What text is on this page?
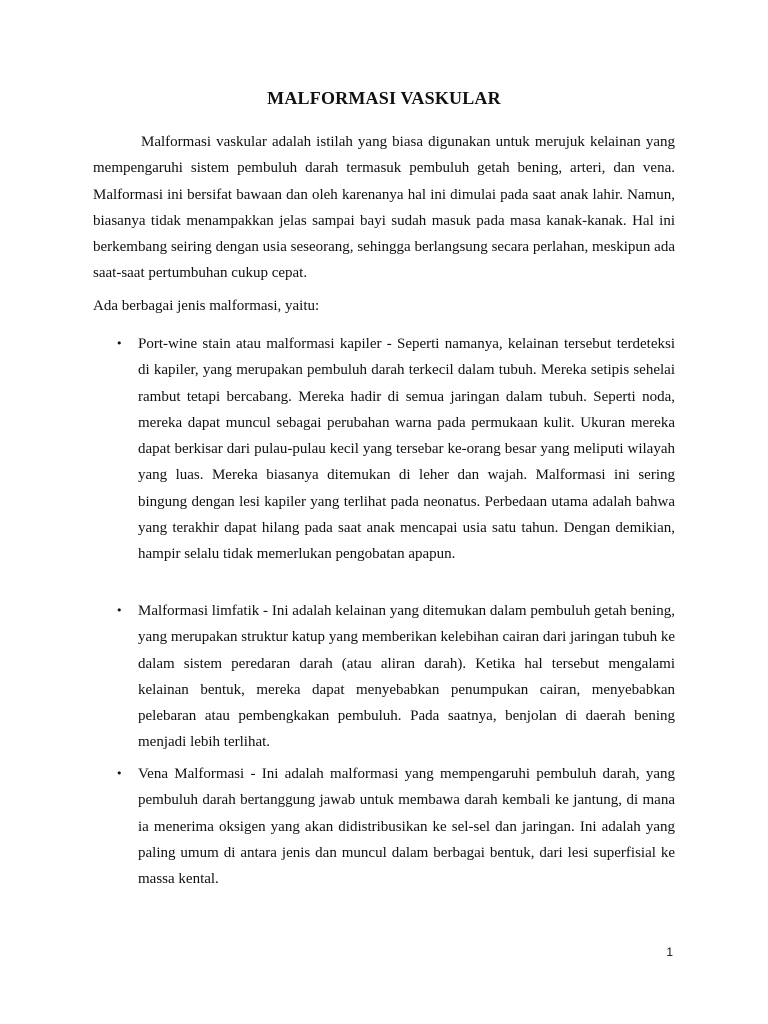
MALFORMASI VASKULAR

Malformasi vaskular adalah istilah yang biasa digunakan untuk merujuk kelainan yang mempengaruhi sistem pembuluh darah termasuk pembuluh getah bening, arteri, dan vena. Malformasi ini bersifat bawaan dan oleh karenanya hal ini dimulai pada saat anak lahir. Namun, biasanya tidak menampakkan jelas sampai bayi sudah masuk pada masa kanak-kanak. Hal ini berkembang seiring dengan usia seseorang, sehingga berlangsung secara perlahan, meskipun ada saat-saat pertumbuhan cukup cepat.

Ada berbagai jenis malformasi, yaitu:

• Port-wine stain atau malformasi kapiler - Seperti namanya, kelainan tersebut terdeteksi di kapiler, yang merupakan pembuluh darah terkecil dalam tubuh. Mereka setipis sehelai rambut tetapi bercabang. Mereka hadir di semua jaringan dalam tubuh. Seperti noda, mereka dapat muncul sebagai perubahan warna pada permukaan kulit. Ukuran mereka dapat berkisar dari pulau-pulau kecil yang tersebar ke-orang besar yang meliputi wilayah yang luas. Mereka biasanya ditemukan di leher dan wajah. Malformasi ini sering bingung dengan lesi kapiler yang terlihat pada neonatus. Perbedaan utama adalah bahwa yang terakhir dapat hilang pada saat anak mencapai usia satu tahun. Dengan demikian, hampir selalu tidak memerlukan pengobatan apapun.
• Malformasi limfatik - Ini adalah kelainan yang ditemukan dalam pembuluh getah bening, yang merupakan struktur katup yang memberikan kelebihan cairan dari jaringan tubuh ke dalam sistem peredaran darah (atau aliran darah). Ketika hal tersebut mengalami kelainan bentuk, mereka dapat menyebabkan penumpukan cairan, menyebabkan pelebaran atau pembengkakan pembuluh. Pada saatnya, benjolan di daerah bening menjadi lebih terlihat.
• Vena Malformasi - Ini adalah malformasi yang mempengaruhi pembuluh darah, yang pembuluh darah bertanggung jawab untuk membawa darah kembali ke jantung, di mana ia menerima oksigen yang akan didistribusikan ke sel-sel dan jaringan. Ini adalah yang paling umum di antara jenis dan muncul dalam berbagai bentuk, dari lesi superfisial ke massa kental.
1
